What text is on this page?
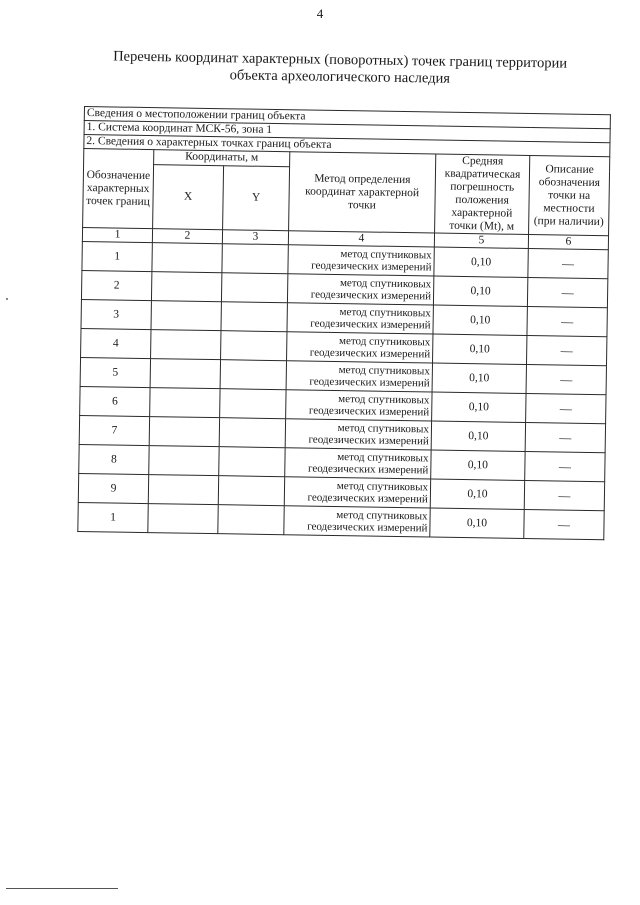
4
Перечень координат характерных (поворотных) точек границ территории
объекта археологического наследия
Сведения о местоположении границ объекта					
1. Система координат МСК-56, зона 1					
2. Сведения о характерных точках границ объекта					
Обозначение характерных точек границ	Координаты, м		Метод определения координат характерной точки	Средняя квадратическая погрешность положения характерной точки (Mt), м	Описание обозначения точки на местности (при наличии)
	X	Y			
1	2	3	4	5	6
1			метод спутниковых
геодезических измерений	0,10	—
2			метод спутниковых
геодезических измерений	0,10	—
3			метод спутниковых
геодезических измерений	0,10	—
4			метод спутниковых
геодезических измерений	0,10	—
5			метод спутниковых
геодезических измерений	0,10	—
6			метод спутниковых
геодезических измерений	0,10	—
7			метод спутниковых
геодезических измерений	0,10	—
8			метод спутниковых
геодезических измерений	0,10	—
9			метод спутниковых
геодезических измерений	0,10	—
1			метод спутниковых
геодезических измерений	0,10	—
